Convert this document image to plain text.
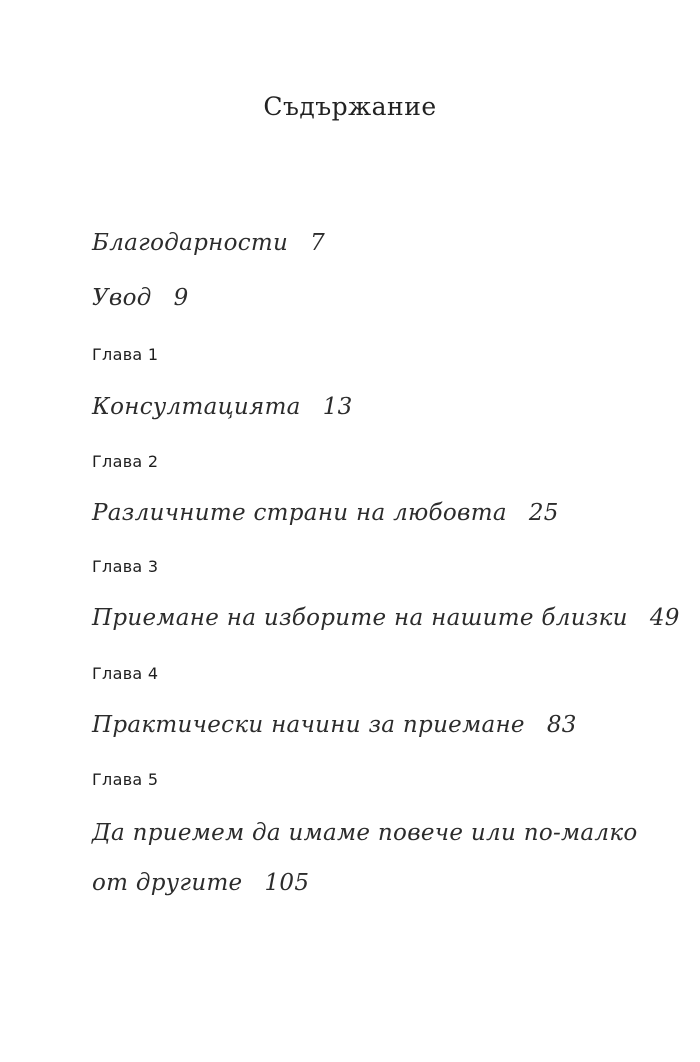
Съдържание
Благодарности 7
Увод 9
Глава 1
Консултацията 13
Глава 2
Различните страни на любовта 25
Глава 3
Приемане на изборите на нашите близки 49
Глава 4
Практически начини за приемане 83
Глава 5
Да приемем да имаме повече или по-малко
от другите 105
